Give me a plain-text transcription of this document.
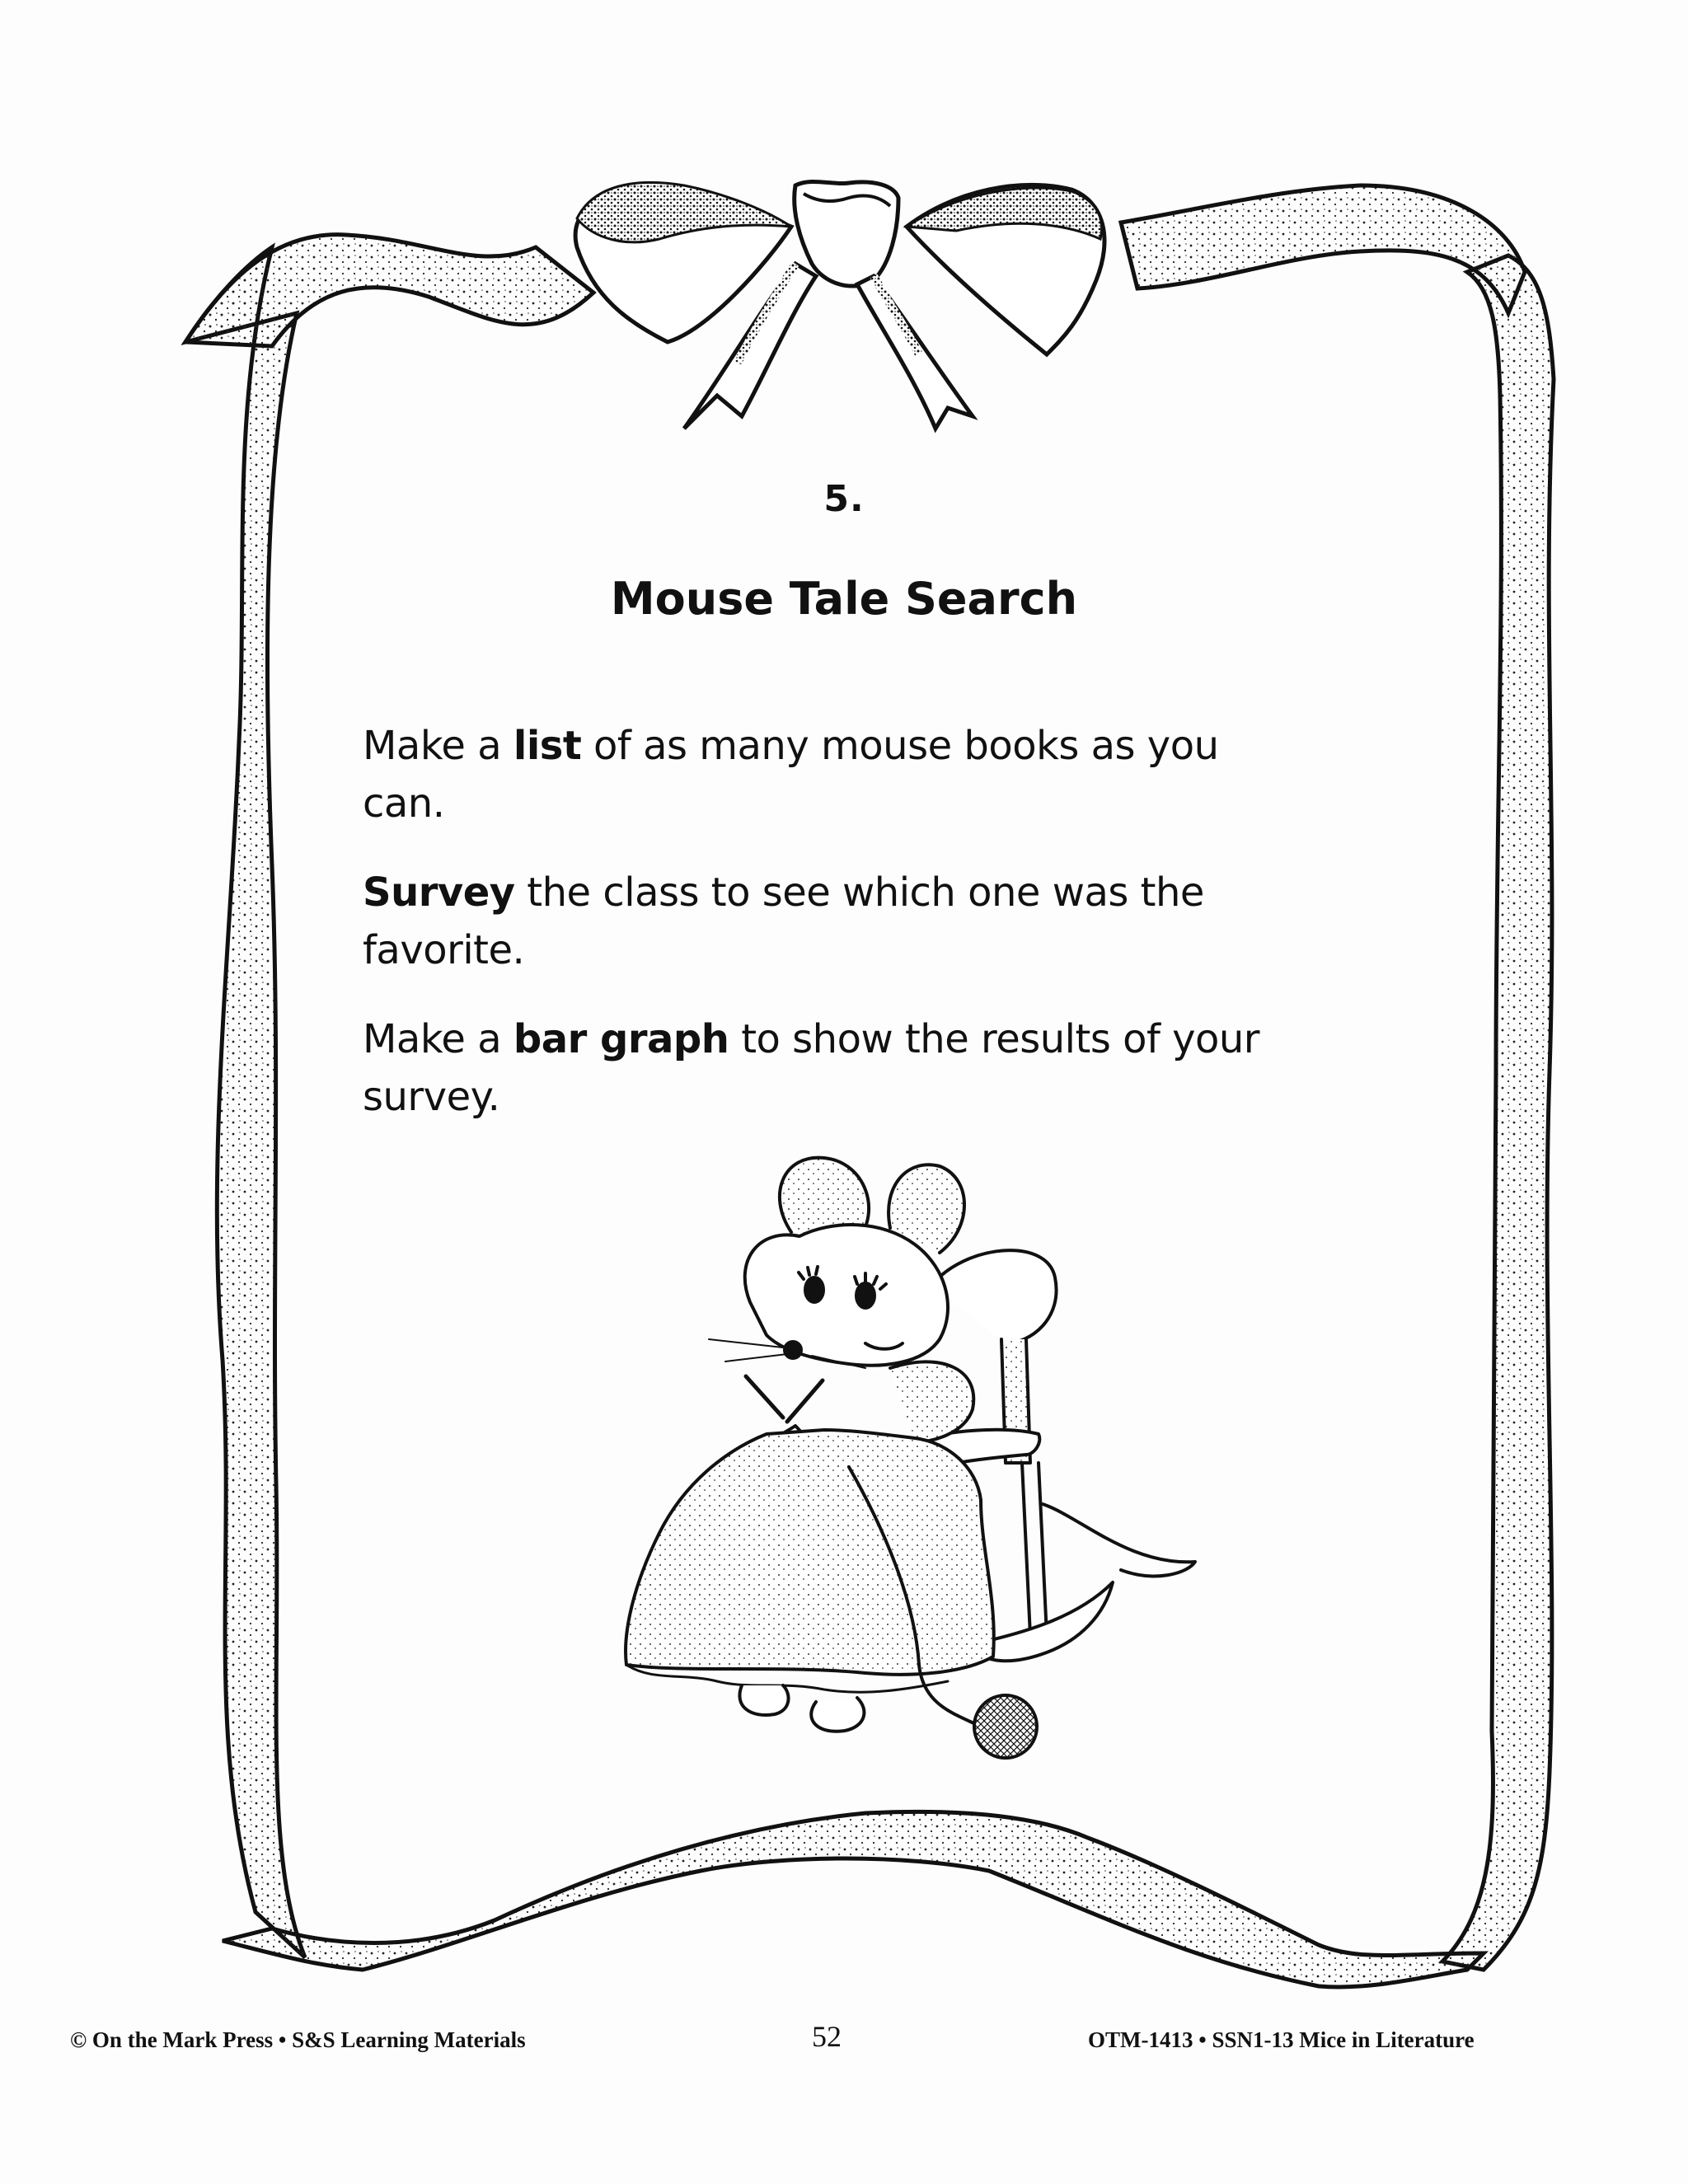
5.
Mouse Tale Search

Make a list of as many mouse books as you can.

Survey the class to see which one was the favorite.

Make a bar graph to show the results of your survey.

© On the Mark Press • S&S Learning Materials	52	OTM-1413 • SSN1-13 Mice in Literature
